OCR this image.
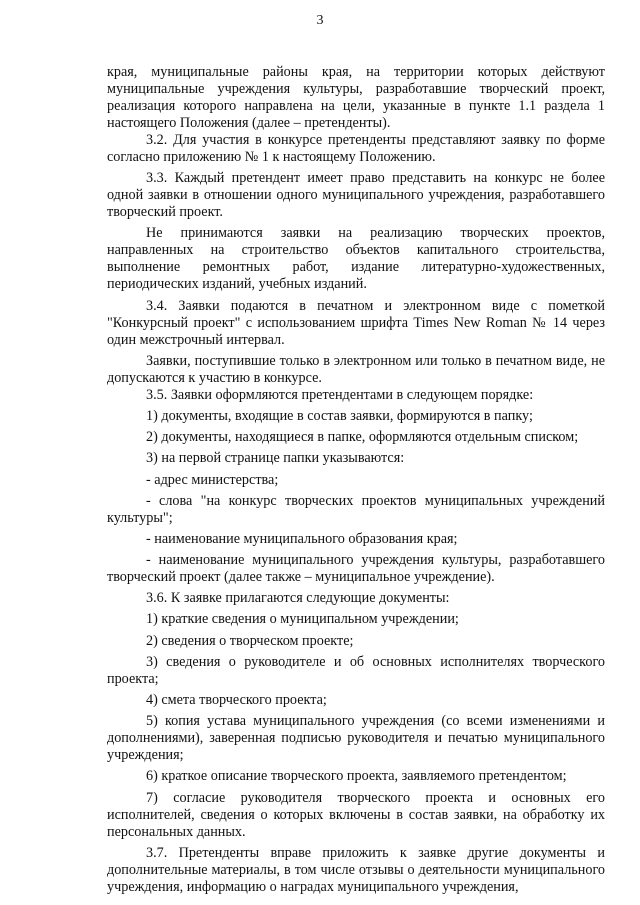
3

края, муниципальные районы края, на территории которых действуют муниципальные учреждения культуры, разработавшие творческий проект, реализация которого направлена на цели, указанные в пункте 1.1 раздела 1 настоящего Положения (далее – претенденты).

3.2. Для участия в конкурсе претенденты представляют заявку по форме согласно приложению № 1 к настоящему Положению.

3.3. Каждый претендент имеет право представить на конкурс не более одной заявки в отношении одного муниципального учреждения, разработавшего творческий проект.

Не принимаются заявки на реализацию творческих проектов, направленных на строительство объектов капитального строительства, выполнение ремонтных работ, издание литературно-художественных, периодических изданий, учебных изданий.

3.4. Заявки подаются в печатном и электронном виде с пометкой "Конкурсный проект" с использованием шрифта Times New Roman № 14 через один межстрочный интервал.

Заявки, поступившие только в электронном или только в печатном виде, не допускаются к участию в конкурсе.

3.5. Заявки оформляются претендентами в следующем порядке:

1) документы, входящие в состав заявки, формируются в папку;

2) документы, находящиеся в папке, оформляются отдельным списком;

3) на первой странице папки указываются:

- адрес министерства;

- слова "на конкурс творческих проектов муниципальных учреждений культуры";

- наименование муниципального образования края;

- наименование муниципального учреждения культуры, разработавшего творческий проект (далее также – муниципальное учреждение).

3.6. К заявке прилагаются следующие документы:

1) краткие сведения о муниципальном учреждении;

2) сведения о творческом проекте;

3) сведения о руководителе и об основных исполнителях творческого проекта;

4) смета творческого проекта;

5) копия устава муниципального учреждения (со всеми изменениями и дополнениями), заверенная подписью руководителя и печатью муниципального учреждения;

6) краткое описание творческого проекта, заявляемого претендентом;

7) согласие руководителя творческого проекта и основных его исполнителей, сведения о которых включены в состав заявки, на обработку их персональных данных.

3.7. Претенденты вправе приложить к заявке другие документы и дополнительные материалы, в том числе отзывы о деятельности муниципального учреждения, информацию о наградах муниципального учреждения,
